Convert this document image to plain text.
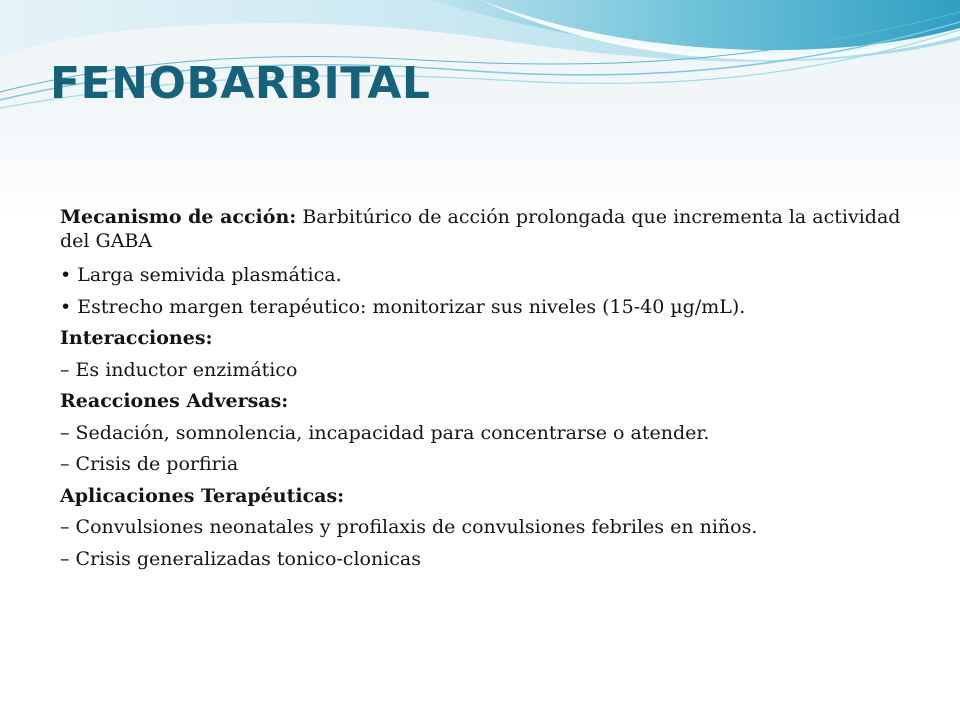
FENOBARBITAL

Mecanismo de acción: Barbitúrico de acción prolongada que incrementa la actividad del GABA

• Larga semivida plasmática.

• Estrecho margen terapéutico: monitorizar sus niveles (15-40 µg/mL).

Interacciones:

– Es inductor enzimático

Reacciones Adversas:

– Sedación, somnolencia, incapacidad para concentrarse o atender.

– Crisis de porfiria

Aplicaciones Terapéuticas:

– Convulsiones neonatales y profilaxis de convulsiones febriles en niños.

– Crisis generalizadas tonico-clonicas
